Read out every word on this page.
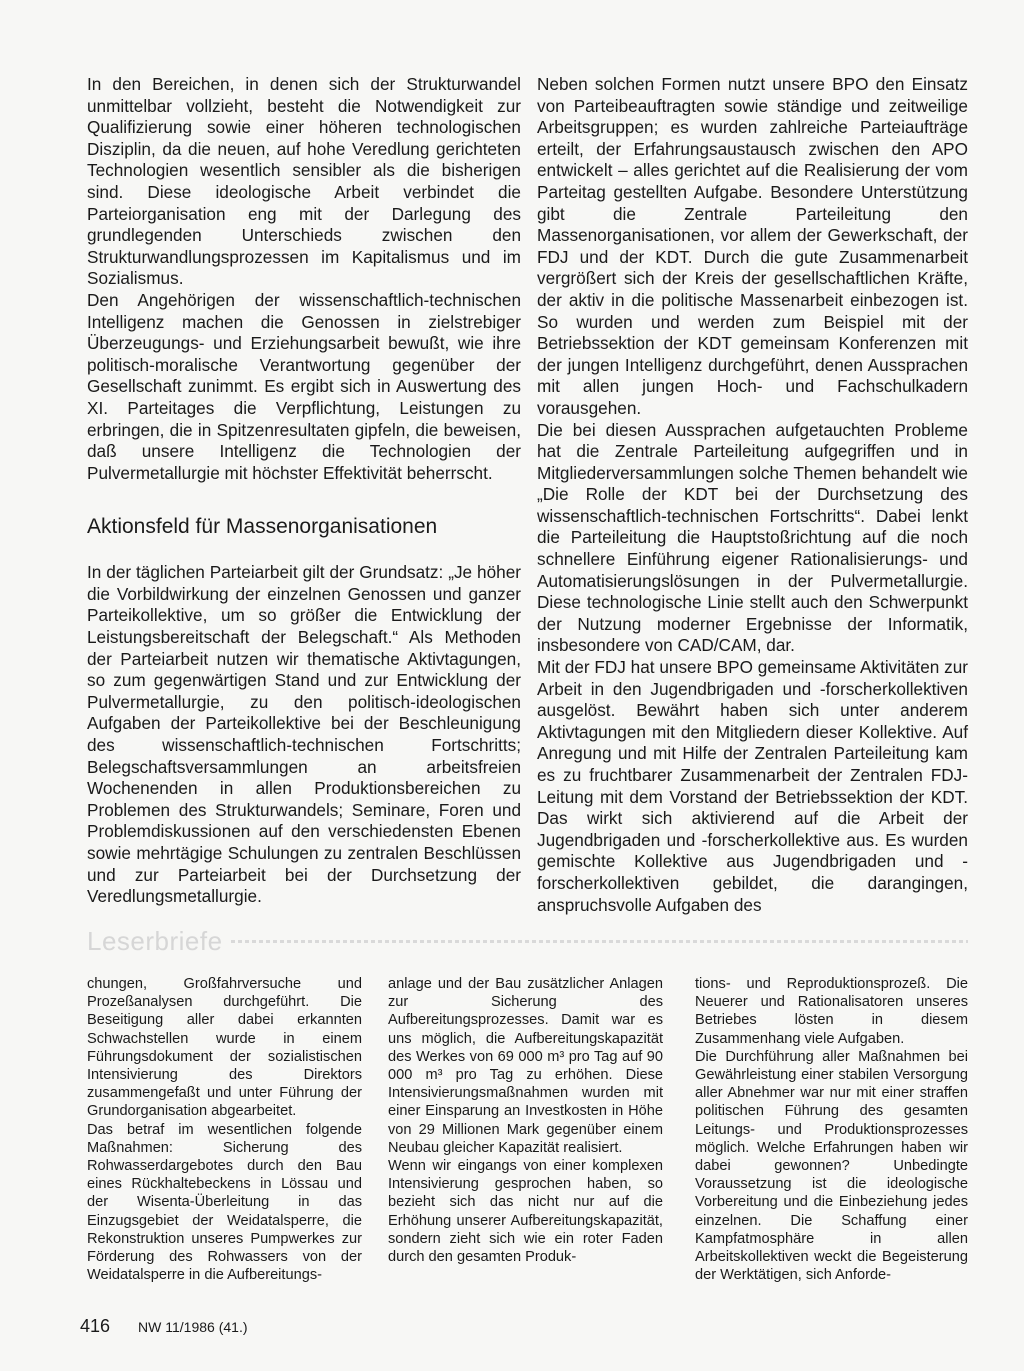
In den Bereichen, in denen sich der Strukturwandel unmittelbar vollzieht, besteht die Notwendigkeit zur Qualifizierung sowie einer höheren technologischen Disziplin, da die neuen, auf hohe Veredlung gerichteten Technologien wesentlich sensibler als die bisherigen sind. Diese ideologische Arbeit verbindet die Parteiorganisation eng mit der Darlegung des grundlegenden Unterschieds zwischen den Strukturwandlungsprozessen im Kapitalismus und im Sozialismus.

Den Angehörigen der wissenschaftlich-technischen Intelligenz machen die Genossen in zielstrebiger Überzeugungs- und Erziehungsarbeit bewußt, wie ihre politisch-moralische Verantwortung gegenüber der Gesellschaft zunimmt. Es ergibt sich in Auswertung des XI. Parteitages die Verpflichtung, Leistungen zu erbringen, die in Spitzenresultaten gipfeln, die beweisen, daß unsere Intelligenz die Technologien der Pulvermetallurgie mit höchster Effektivität beherrscht.

Aktionsfeld für Massenorganisationen

In der täglichen Parteiarbeit gilt der Grundsatz: „Je höher die Vorbildwirkung der einzelnen Genossen und ganzer Parteikollektive, um so größer die Entwicklung der Leistungsbereitschaft der Belegschaft.“ Als Methoden der Parteiarbeit nutzen wir thematische Aktivtagungen, so zum gegenwärtigen Stand und zur Entwicklung der Pulvermetallurgie, zu den politisch-ideologischen Aufgaben der Parteikollektive bei der Beschleunigung des wissenschaftlich-technischen Fortschritts; Belegschaftsversammlungen an arbeitsfreien Wochenenden in allen Produktionsbereichen zu Problemen des Strukturwandels; Seminare, Foren und Problemdiskussionen auf den verschiedensten Ebenen sowie mehrtägige Schulungen zu zentralen Beschlüssen und zur Parteiarbeit bei der Durchsetzung der Veredlungsmetallurgie.

Neben solchen Formen nutzt unsere BPO den Einsatz von Parteibeauftragten sowie ständige und zeitweilige Arbeitsgruppen; es wurden zahlreiche Parteiaufträge erteilt, der Erfahrungsaustausch zwischen den APO entwickelt – alles gerichtet auf die Realisierung der vom Parteitag gestellten Aufgabe. Besondere Unterstützung gibt die Zentrale Parteileitung den Massenorganisationen, vor allem der Gewerkschaft, der FDJ und der KDT. Durch die gute Zusammenarbeit vergrößert sich der Kreis der gesellschaftlichen Kräfte, der aktiv in die politische Massenarbeit einbezogen ist. So wurden und werden zum Beispiel mit der Betriebssektion der KDT gemeinsam Konferenzen mit der jungen Intelligenz durchgeführt, denen Aussprachen mit allen jungen Hoch- und Fachschulkadern vorausgehen.

Die bei diesen Aussprachen aufgetauchten Probleme hat die Zentrale Parteileitung aufgegriffen und in Mitgliederversammlungen solche Themen behandelt wie „Die Rolle der KDT bei der Durchsetzung des wissenschaftlich-technischen Fortschritts“. Dabei lenkt die Parteileitung die Hauptstoßrichtung auf die noch schnellere Einführung eigener Rationalisierungs- und Automatisierungslösungen in der Pulvermetallurgie. Diese technologische Linie stellt auch den Schwerpunkt der Nutzung moderner Ergebnisse der Informatik, insbesondere von CAD/CAM, dar.

Mit der FDJ hat unsere BPO gemeinsame Aktivitäten zur Arbeit in den Jugendbrigaden und -forscherkollektiven ausgelöst. Bewährt haben sich unter anderem Aktivtagungen mit den Mitgliedern dieser Kollektive. Auf Anregung und mit Hilfe der Zentralen Parteileitung kam es zu fruchtbarer Zusammenarbeit der Zentralen FDJ-Leitung mit dem Vorstand der Betriebssektion der KDT. Das wirkt sich aktivierend auf die Arbeit der Jugendbrigaden und -forscherkollektive aus. Es wurden gemischte Kollektive aus Jugendbrigaden und -forscherkollektiven gebildet, die darangingen, anspruchsvolle Aufgaben des

Leserbriefe

chungen, Großfahrversuche und Prozeßanalysen durchgeführt. Die Beseitigung aller dabei erkannten Schwachstellen wurde in einem Führungsdokument der sozialistischen Intensivierung des Direktors zusammengefaßt und unter Führung der Grundorganisation abgearbeitet.

Das betraf im wesentlichen folgende Maßnahmen: Sicherung des Rohwasserdargebotes durch den Bau eines Rückhaltebeckens in Lössau und der Wisenta-Überleitung in das Einzugsgebiet der Weidatalsperre, die Rekonstruktion unseres Pumpwerkes zur Förderung des Rohwassers von der Weidatalsperre in die Aufbereitungs-

anlage und der Bau zusätzlicher Anlagen zur Sicherung des Aufbereitungsprozesses. Damit war es uns möglich, die Aufbereitungskapazität des Werkes von 69 000 m³ pro Tag auf 90 000 m³ pro Tag zu erhöhen. Diese Intensivierungsmaßnahmen wurden mit einer Einsparung an Investkosten in Höhe von 29 Millionen Mark gegenüber einem Neubau gleicher Kapazität realisiert.

Wenn wir eingangs von einer komplexen Intensivierung gesprochen haben, so bezieht sich das nicht nur auf die Erhöhung unserer Aufbereitungskapazität, sondern zieht sich wie ein roter Faden durch den gesamten Produk-

tions- und Reproduktionsprozeß. Die Neuerer und Rationalisatoren unseres Betriebes lösten in diesem Zusammenhang viele Aufgaben.

Die Durchführung aller Maßnahmen bei Gewährleistung einer stabilen Versorgung aller Abnehmer war nur mit einer straffen politischen Führung des gesamten Leitungs- und Produktionsprozesses möglich. Welche Erfahrungen haben wir dabei gewonnen? Unbedingte Voraussetzung ist die ideologische Vorbereitung und die Einbeziehung jedes einzelnen. Die Schaffung einer Kampfatmosphäre in allen Arbeitskollektiven weckt die Begeisterung der Werktätigen, sich Anforde-

416 NW 11/1986 (41.)
